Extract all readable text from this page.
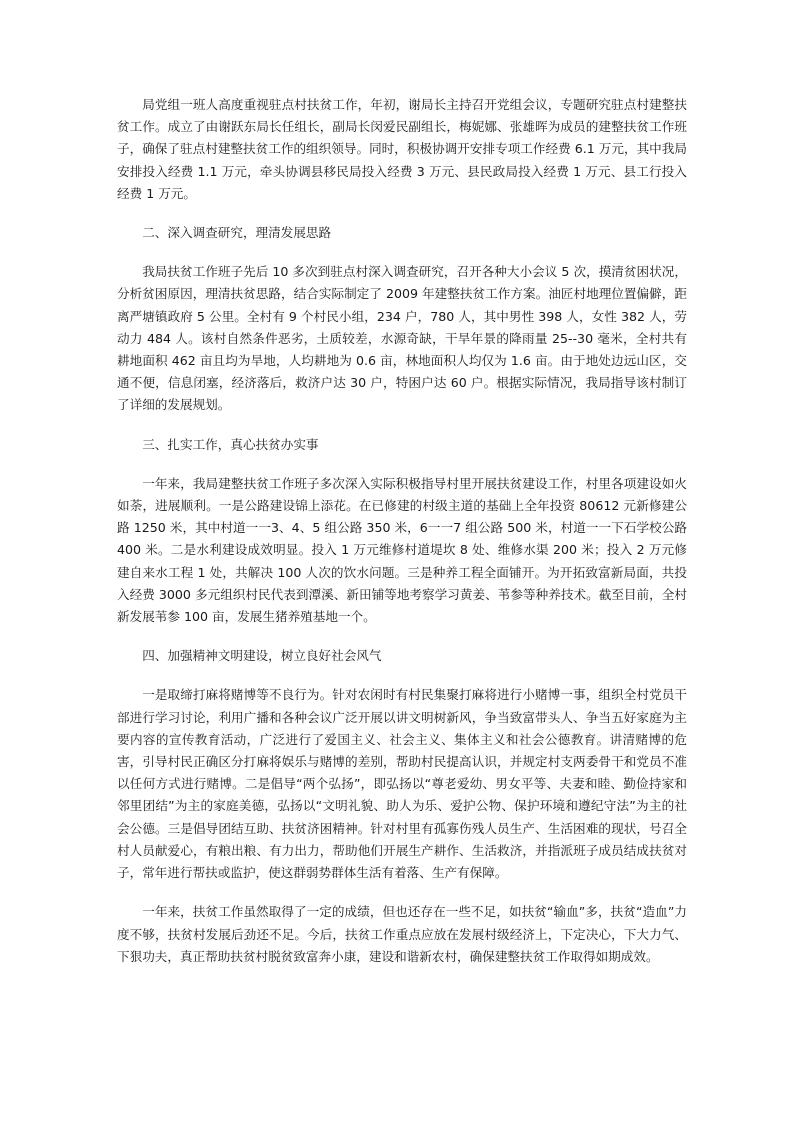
局党组一班人高度重视驻点村扶贫工作，年初，谢局长主持召开党组会议，专题研究驻点村建整扶贫工作。成立了由谢跃东局长任组长，副局长闵爱民副组长，梅妮娜、张雄晖为成员的建整扶贫工作班子，确保了驻点村建整扶贫工作的组织领导。同时，积极协调开安排专项工作经费 6.1 万元，其中我局安排投入经费 1.1 万元，牵头协调县移民局投入经费 3 万元、县民政局投入经费 1 万元、县工行投入经费 1 万元。

二、深入调查研究，理清发展思路

我局扶贫工作班子先后 10 多次到驻点村深入调查研究，召开各种大小会议 5 次，摸清贫困状况，分析贫困原因，理清扶贫思路，结合实际制定了 2009 年建整扶贫工作方案。油匠村地理位置偏僻，距离严塘镇政府 5 公里。全村有 9 个村民小组，234 户，780 人，其中男性 398 人，女性 382 人，劳动力 484 人。该村自然条件恶劣，土质较差，水源奇缺，干旱年景的降雨量 25--30 毫米，全村共有耕地面积 462 亩且均为旱地，人均耕地为 0.6 亩，林地面积人均仅为 1.6 亩。由于地处边远山区，交通不便，信息闭塞，经济落后，救济户达 30 户，特困户达 60 户。根据实际情况，我局指导该村制订了详细的发展规划。

三、扎实工作，真心扶贫办实事

一年来，我局建整扶贫工作班子多次深入实际积极指导村里开展扶贫建设工作，村里各项建设如火如荼，进展顺利。一是公路建设锦上添花。在已修建的村级主道的基础上全年投资 80612 元新修建公路 1250 米，其中村道一一3、4、5 组公路 350 米，6一一7 组公路 500 米，村道一一下石学校公路 400 米。二是水利建设成效明显。投入 1 万元维修村道堤坎 8 处、维修水渠 200 米；投入 2 万元修建自来水工程 1 处，共解决 100 人次的饮水问题。三是种养工程全面铺开。为开拓致富新局面，共投入经费 3000 多元组织村民代表到潭溪、新田铺等地考察学习黄姜、苇参等种养技术。截至目前，全村新发展苇参 100 亩，发展生猪养殖基地一个。

四、加强精神文明建设，树立良好社会风气

一是取缔打麻将赌博等不良行为。针对农闲时有村民集聚打麻将进行小赌博一事，组织全村党员干部进行学习讨论，利用广播和各种会议广泛开展以讲文明树新风，争当致富带头人、争当五好家庭为主要内容的宣传教育活动，广泛进行了爱国主义、社会主义、集体主义和社会公德教育。讲清赌博的危害，引导村民正确区分打麻将娱乐与赌博的差别，帮助村民提高认识，并规定村支两委骨干和党员不准以任何方式进行赌博。二是倡导“两个弘扬”，即弘扬以“尊老爱幼、男女平等、夫妻和睦、勤俭持家和邻里团结”为主的家庭美德，弘扬以“文明礼貌、助人为乐、爱护公物、保护环境和遵纪守法”为主的社会公德。三是倡导团结互助、扶贫济困精神。针对村里有孤寡伤残人员生产、生活困难的现状，号召全村人员献爱心，有粮出粮、有力出力，帮助他们开展生产耕作、生活救济，并指派班子成员结成扶贫对子，常年进行帮扶或监护，使这群弱势群体生活有着落、生产有保障。

一年来，扶贫工作虽然取得了一定的成绩，但也还存在一些不足，如扶贫“输血”多，扶贫“造血”力度不够，扶贫村发展后劲还不足。今后，扶贫工作重点应放在发展村级经济上，下定决心，下大力气、下狠功夫，真正帮助扶贫村脱贫致富奔小康，建设和谐新农村，确保建整扶贫工作取得如期成效。
